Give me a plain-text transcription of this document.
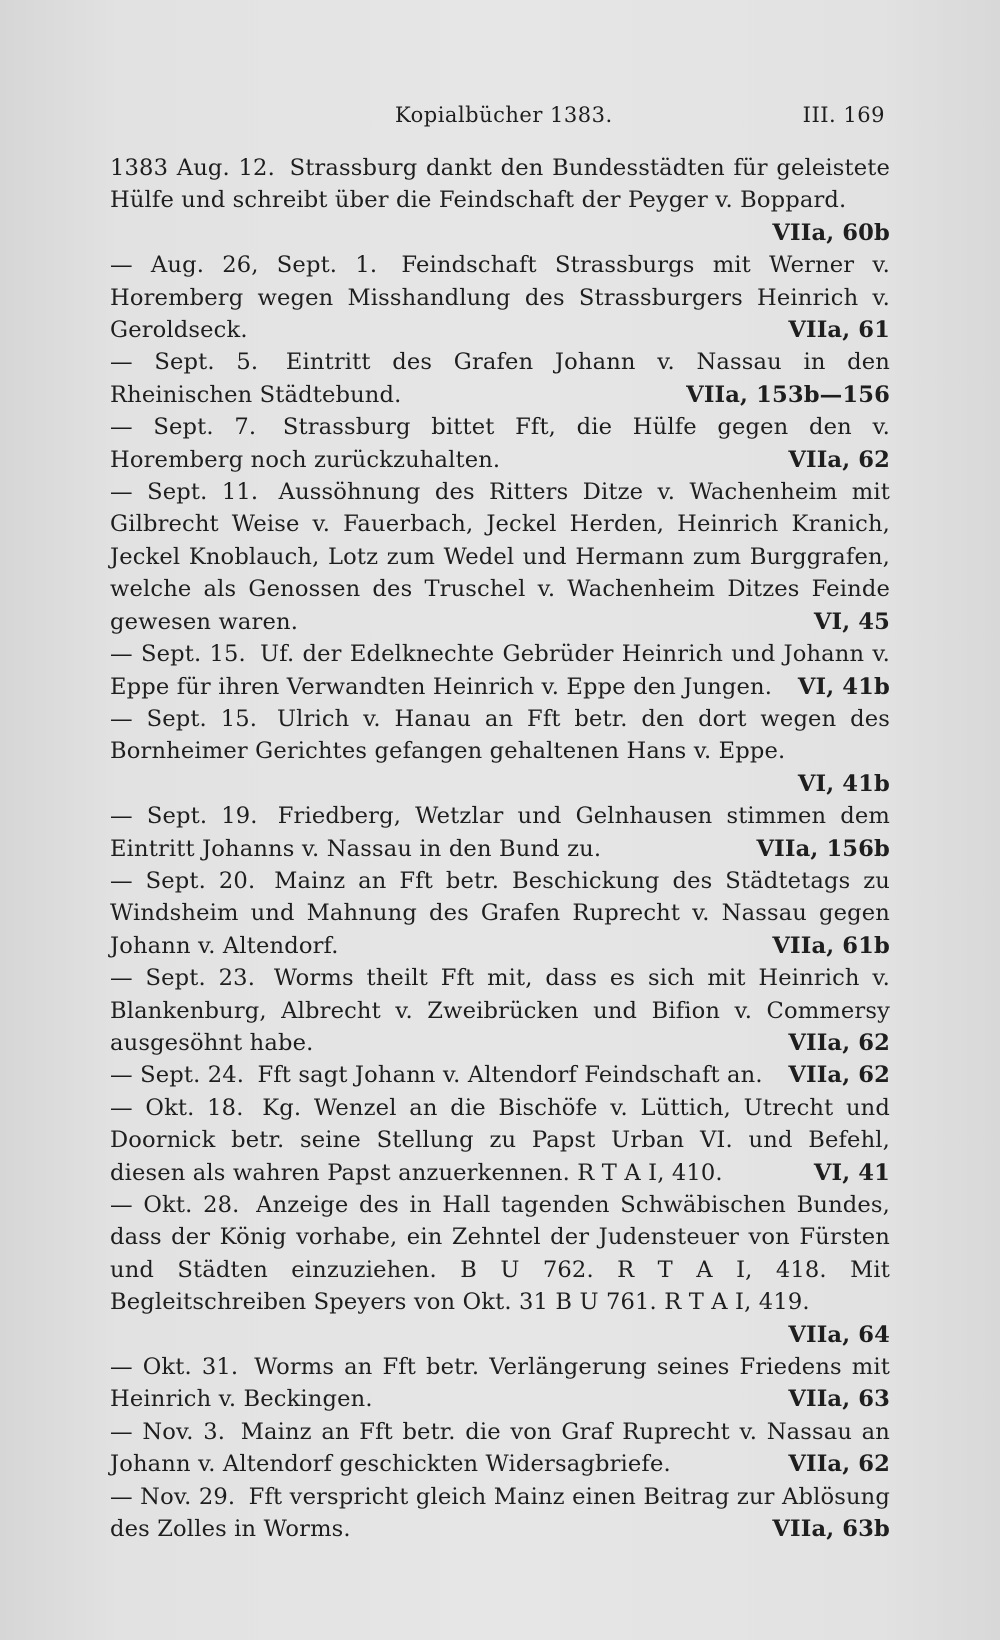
Kopialbücher 1383.	III. 169
1383 Aug. 12. Strassburg dankt den Bundesstädten für geleistete Hülfe und schreibt über die Feindschaft der Peyger v. Boppard.
VIIa, 60b
— Aug. 26, Sept. 1. Feindschaft Strassburgs mit Werner v. Horemberg wegen Misshandlung des Strassburgers Heinrich v. Geroldseck.	VIIa, 61
— Sept. 5. Eintritt des Grafen Johann v. Nassau in den Rheinischen Städtebund.	VIIa, 153b—156
— Sept. 7. Strassburg bittet Fft, die Hülfe gegen den v. Horemberg noch zurückzuhalten.	VIIa, 62
— Sept. 11. Aussöhnung des Ritters Ditze v. Wachenheim mit Gilbrecht Weise v. Fauerbach, Jeckel Herden, Heinrich Kranich, Jeckel Knoblauch, Lotz zum Wedel und Hermann zum Burggrafen, welche als Genossen des Truschel v. Wachenheim Ditzes Feinde gewesen waren.	VI, 45
— Sept. 15. Uf. der Edelknechte Gebrüder Heinrich und Johann v. Eppe für ihren Verwandten Heinrich v. Eppe den Jungen.	VI, 41b
— Sept. 15. Ulrich v. Hanau an Fft betr. den dort wegen des Bornheimer Gerichtes gefangen gehaltenen Hans v. Eppe.
VI, 41b
— Sept. 19. Friedberg, Wetzlar und Gelnhausen stimmen dem Eintritt Johanns v. Nassau in den Bund zu.	VIIa, 156b
— Sept. 20. Mainz an Fft betr. Beschickung des Städtetags zu Windsheim und Mahnung des Grafen Ruprecht v. Nassau gegen Johann v. Altendorf.	VIIa, 61b
— Sept. 23. Worms theilt Fft mit, dass es sich mit Heinrich v. Blankenburg, Albrecht v. Zweibrücken und Bifion v. Commersy ausgesöhnt habe.	VIIa, 62
— Sept. 24. Fft sagt Johann v. Altendorf Feindschaft an.	VIIa, 62
— Okt. 18. Kg. Wenzel an die Bischöfe v. Lüttich, Utrecht und Doornick betr. seine Stellung zu Papst Urban VI. und Befehl, diesen als wahren Papst anzuerkennen. R T A I, 410.	VI, 41
— Okt. 28. Anzeige des in Hall tagenden Schwäbischen Bundes, dass der König vorhabe, ein Zehntel der Judensteuer von Fürsten und Städten einzuziehen. B U 762. R T A I, 418. Mit Begleitschreiben Speyers von Okt. 31 B U 761. R T A I, 419.
VIIa, 64
— Okt. 31. Worms an Fft betr. Verlängerung seines Friedens mit Heinrich v. Beckingen.	VIIa, 63
— Nov. 3. Mainz an Fft betr. die von Graf Ruprecht v. Nassau an Johann v. Altendorf geschickten Widersagbriefe.	VIIa, 62
— Nov. 29. Fft verspricht gleich Mainz einen Beitrag zur Ablösung des Zolles in Worms.	VIIa, 63b
